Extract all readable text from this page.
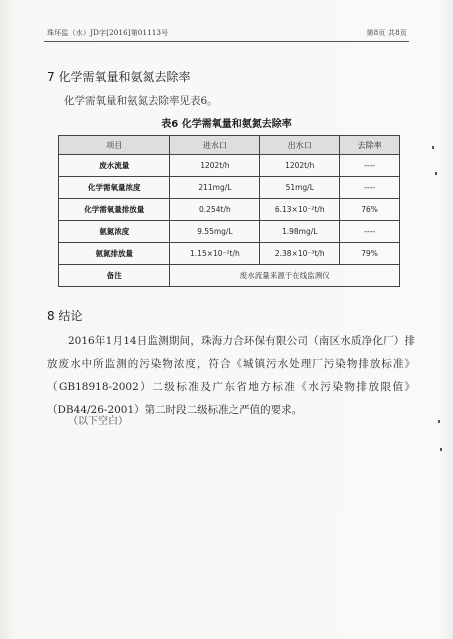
珠环监（水）JD字[2016]第01113号	第8页 共8页
7 化学需氧量和氨氮去除率
化学需氧量和氨氮去除率见表6。
表6 化学需氧量和氨氮去除率
项目	进水口	出水口	去除率
废水流量	1202t/h	1202t/h	----
化学需氧量浓度	211mg/L	51mg/L	----
化学需氧量排放量	0.254t/h	6.13×10⁻²t/h	76%
氨氮浓度	9.55mg/L	1.98mg/L	----
氨氮排放量	1.15×10⁻²t/h	2.38×10⁻³t/h	79%
备注	废水流量来源于在线监测仪		
8 结论
2016年1月14日监测期间，珠海力合环保有限公司（南区水质净化厂）排放废水中所监测的污染物浓度，符合《城镇污水处理厂污染物排放标准》（GB18918-2002）二级标准及广东省地方标准《水污染物排放限值》（DB44/26-2001）第二时段二级标准之严值的要求。
（以下空白）
